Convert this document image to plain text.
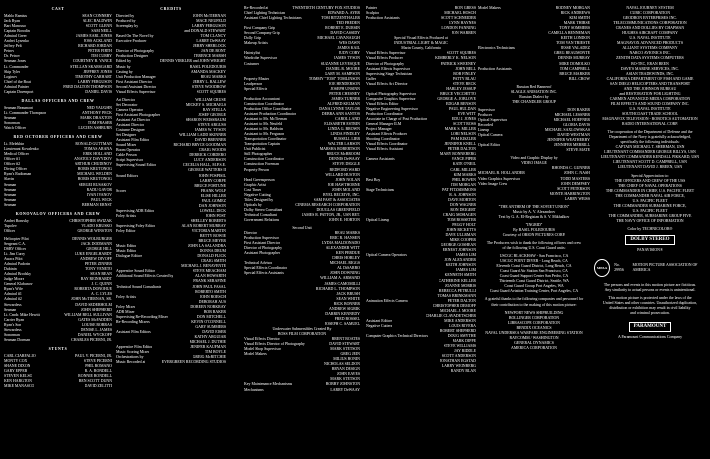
CAST
Mahlo Ramius	SEAN CONNERY
Jack Ryan	ALEC BALDWIN
Bart Mancuso	SCOTT GLENN
Captain Borodin	SAM NEILL
Admiral Greer	JAMES EARL JONES
Andrei Lysenko	JOSS ACKLAND
Jeffrey Pelt	RICHARD JORDAN
Petrov	PETER FIRTH
Dr. Petrov	TIM CURRY
Seaman Jones	COURTNEY B. VANCE
Lt. Commander	STELLAN SKARSGARD
Skip Tyler	JEFFREY JONES
Loginov	TIMOTHY CARHART
Chief of the Boat	LARRY FERGUSON
Admiral Painter	FRED DALTON THOMPSON
Captain Davenport	DANIEL DAVIS
DALLAS OFFICERS AND CREW
Seaman Beaumont	NED VAUGHN
Lt. Commander Thompson	ANTHONY PECK
Seaman	MARK DRAXTON
Sonarman	TOM FRASER
Watch Officer	LUCIEN ASHBURN
RED OCTOBER OFFICERS AND CREW
Lt. Melekhin	RONALD GUTTMAN
Lieutenant Kovalenko	TOMAS ARANA
Medical Officer	ERIK HOLLAND
Officer #1	ANATOLY DAVYDOV
Officer #2	ARTHUR CHUDINOV
Diving Officer	BORIS KRUTONOG
Ryan's Radioman	MICHAEL WELDEN
Slavin	BORIS KRUTONOG
Seaman	SERGEI RUSAKOV
Seaman	RADU GAVOR
Seaman	IVAN IVANOV
Seaman	PAUL WICK
Seaman	BERMAN ERNST
KONOVALOV OFFICERS AND CREW
Andrei Bonrsky	CHRISTOPHER SWIZAK
Tupolev	VLADO KRUSKO
Officer	GEORGE WINSTON
Helicopter Pilot	DENNIS WOLBURGER
Sergeant C.A.	JACK DODMANN
DSRV Officer	GEORGE HILL
Lt. Jim Curry	LUKE ENGELHARDT
Awacs Pilot	ANDREW DIVOFF
Admiral Padorin	PETER ZINNER
Dubinin	TONY VENETO
Admiral Brodsky	SEAN BEAN
Judge Moore	RAY REINHARDT
General Klabunov	J. C. QUINN
Ryan's Wife	ROBERTA DONOHUE
Admiral #1	A. C. LYLES
Admiral #2	JOHN McTIERNAN, SR.
Stewardess	DAVID SEDERHOLM
Seaman	JOHN SHEPHERD
Lt. Cmdr. Mike Hewitt	WILLIAM BELL SULLIVAN
Carrier Ryan	GATES McFADDEN
Ryan's Son	LOUISE BORRAS
Stewardess	DENISE L. JAMES
Sonarman	DANIEL WYCKOFF
Seaman Dorman	CHARLES PICERNI, JR.
STUNTS
CARL CIARFALIO	PAUL V. PICERNI, JR.
MONTY COX	STEVE PICERNI
SHANE DIXON	PHIL ROMANO
GARY EPPER	R. A. RONDELL
STEVEN KELSO	RONNIE RONDELL
KEN HARGTON	BEN SCOTT DUNN
MIKE MANASCO	DAVID ZELITTI
CREDITS
Directed by	JOHN McTIERNAN
Produced by	MACE NEUFELD
Screenplay by	LARRY FERGUSON
and DONALD STEWART
Based On The Novel by	TOM CLANCY
Executive Producer	LARRY DeWAAY
JERRY SHERLOCK
Director of Photography	JAN DE BONT
Production Designer	TERENCE MARSH
Edited by	DENNIS VIRKLER and JOHN WRIGHT
Music by	BASIL POLEDOURIS
Casting by	AMANDA MACKEY
Unit Production Manager	BEAU MARKS
First Assistant Director	JERRY L. BALLEW
Second Assistant Director	STEVE WOODROW
Visual Effects Supervisor	SCOTT SQUIRES
Art Director	WILLIAM CRUSE
Set Decorator	MICKEY S. MICHAELS
Camera Operator	RAY STELLA
First Assistant Photographer	JOSEF GEORGE
Assistant Art Director	SHARON WEISSBAUM
Assistant Director	STEVE ARGUSS
Costume Designer	JAMES W. TYSON
Set Designer	WILLIAM LADD SKINNER
Assistant Film Editor	DAVID BRENNER
Sound Mixer	RICHARD BRYCE GOODMAN
Boom Operator	CRAIG WOODS
Cable Person	DERRICK CORDERO
Script Supervisor	LUCY ANDERSON
Supervising Sound Editor	CECELIA HALL, M.P.S.E.
GEORGE WATTERS II
Sound Editors	JOHN POSPISIL
LARRY CORPE
BRUCE FORTUNE
Scorer	FRANK WOLF
ELISE HILLER
PAUL GOMEZ
DAN JOHNSON
Supervising ADR Editor	LOWELL DICK
Foley Artists	JOHN POST
SHELLEY ROBERTS
Supervising Foley Editor	ALAN ROBERT MURRAY
Foley Editor	VICTORIA MARTIN
BETTY BOWIE
BRUCE MEYER
Music Editor	JOHN LA SALANDRA
Music Editor	DONNA DRUM
Dialogue Editors	DONALD FLICK
CRAIG SMITH
MICHAEL J. BENAVENTE
Apprentice Sound Editor	STEVE MEACHAM
Additional Sound Effects Created by	ALAN HOWARTH
FRANK SERAFINE
Technical Sound Consultants	JOHN PAUL FASAL
ROBERTO SMITH
Foley Artists	JOHN ROESCH
DEBORAH AUS
Foley Mixer	DOREEN NORKRAY
ADR Mixer	BOB BAKER
Supervising Re-Recording Mixer	DON MITCHELL
Re-Recording Mixers	KEVIN O'CONNELL
GARY SUMMERS
Assistant Film Editors	DAVID EISER
KATHY ARGUIAR
MICHAEL J. DUTHIE
Apprentice Film Editor	JENIFER KAUFMAN
Music Scoring Mixer	TIM BOYLE
Orchestrations by	GREIG McRITCHIE
Music Recorded at	EVERGREEN RECORDING STUDIOS
Re-Recorded at	TWENTIETH CENTURY FOX STUDIOS
Chief Lighting Technician	EDWARD A. AYER
Assistant Chief Lighting Technicians	TOM RITZENTHALER
TED FREDEN
First Company Grip	ROBERT E. DURSIN
Second Company Grip	DAVID CASSIDY
Dolly Grip	MICHAEL CAVANAUGH
Makeup Artists	WES DAWN
JAMES KAIL
Hairstylist	JUDY CORY
Wardrobe Supervisor	JAMES TYSON
Costumer	SUZANNE LEVESQUE
DANIEL R. MOORE
GARY M. SAMPSON
Property Master	TOMMY "TOM" TOMLINSON
Leadperson	JOE HENDERSON
Special Effects	JOSEPH UNSINN
PETER CHESNEY
Production Accountant	JAMES TURNER
Construction Coordinator	ALFRED KELMAN
Production Office Coordinator	DANA LYNNE TAYLOR
Assistant Production Coordinator	DEBRA ANN SANTOS
Assistant to Mr. McTiernan	CAROL LAND
Assistant to Mr. Neufeld	ELISABETH ESTRIN
Assistant to Mr. Baldwin	LINDA G. BROWN
Assistant to Mr. Ferguson	LINDA FINDLEY
Transportation Coordinator	RUSSELL LIEB
Transportation Captain	WALTER LARSON
Unit Publicist	MARSHA ROBERTSON
Still Photographer	BRUCE McBROOM
Construction Coordinator	DENNIS DeWAAY
Construction Foreman	STEVE DIGGLE
Property Person	BEDFORD WARD
WILLARD HUSTON
Head Greensperson	JOHN NOLAN
Graphic Artist	JOE HAWTHORNE
Cost Timer	JOHN MOLAND
Negative Cutting	BYEL RECEIVE, INC.
Titles Designed by	SAM FAST & ASSOCIATES
Opticals by	CINEMA RESEARCH CORPORATION
Dolby Stereo Consultant	DOUGLAS GREENFIELD
Technical Consultant	JAMES R. PATTON, JR., USN RET.
Government Relations	JOHN E. HORTON
Second Unit
Director	BEAU MARKS
Production Supervisor	ERIC R. HANSEN
First Assistant Director	LYDIA MALDONADO
Director of Photography	ALEXANDER WITT
Assistant Photographer	KEN PERDUE
CHRIS HORLEY
Technical Advisor	MICHAEL RIGGS
Special Effects Coordinator	AL DiSARRO
Special Effects Assistants	JOHN DOWNING
WILLIAM A. ARMAND
JAMES CAMOMILLI
RICHARD L. THOMPSON
JACK BRUSH
SEAN WHITE
RICK BONNER
ANDREW SIGRIK
DARRIN KENNEDY
FRED BOSSEL
JOSEPH C. SAMUEL
Underwater Submersibles Created By
BOSS FILM CORPORATION
Visual Effects Director	BRENT BOATES
Visual Effects Director of Photography	DAVID STEWART
Model Shop Supervisor	MARK STETSON
Model Makers	GREG JEIN
MILIUS BONIN
NICHOLAS SELDON
BRYAN DESIGN
JOHN EAVES
MARK STETSON
Key Maintenance Mechanisms	BOBBY JOHNSTON
Mechanisms	LARRY DeWAAY
Painter	RON GRESS
Sculptor	MICHAEL HOSCH
Production Assistants	SCOTT SCHNEIDER
LYNN HAYNES
LONDON FANNING
JON WARREN
Special Visual Effects Produced at
INDUSTRIAL LIGHT & MAGIC
Marin County, California
Visual Effects Supervisor	SCOTT SQUIRES
Visual Effects Producer	KIMBERLY K. NELSON
Director of Photography	PATRICK SWEENEY
Assistant Effects Supervisor	JOHN BELL
Supervising Stage Technician	BOB FINLEY
Gaffer	PATTY BLAU
Visual Effects Art Director	STEVE BECK
HARLEY JESSUP
Optical Photography Supervisor	BRUCE VECCHITTO
Composite Graphics Supervisor	GEORGE A. JOBLOVE
Visual Effects Editor	EDGAR BENSON
Negative Engineering Supervisor	PAUL HULDAN
Production Coordinator	EVE WITT
Associate in Charge of Post Production	EDU J. JONES
General Manager ILM	SCOTT ROSS
Project Manager	MARK S. MILLER
Assistant Effects Producer	LORI NELSON
Shooting Coordinator	PAM KISZLER
Visual Effects Coordinator	JENNIFER KNELL
Visual Effects Assistant	PETER DALTON
MARY BONNEBERG
Camera Assistants	VANCE PIPER
KATE O'NEIL
CARL MILLER
KIM MARKS
Best Boy	PHIL BOWEN
TIM MORGAN
Stage Technicians	PAT FITZSIMMONS
R. A. JOHNSON
DAVE MORTON
DON WAGNER
RON DEIGERT
CRAIG MOHAGEN
Optical Lineup	TOM ROSSETER
PEGGY HOLT
JOHN RICKETTS
DAVE ULLRMAN
MIKE COOPER
GEORGE GOSHEAN
ERNEST JOHNSON
Optical Camera Operators	JAMES LIM
JON ALEXANDER
KEITH JOHNSON
JAMES LIM
KENNETH SMITH
CATHERINE KELLER
JOANNE MORRIS
REBECCA PETRULLI
TOMAS BRINKMANN
Animation Effects Camera	PETER DALTON
CHRISTOPHER DEMOFF
MICHAEL J. MOORE
CHARLIE CLAVADETSCHER
Assistant Editors	MIKE ANDERSON
Negative Cutters	LOUIS RIVERA
ROBERT SHEPHERD
Computer Graphics Technical Directors	DOUG SMYTHE
MARK DIPPE
STEVE WILLIAMS
JAY RIDDLE
SCOTT ANDERSON
JONATHAN EGSTAD
LARRY WEINBERG
RANDY BLAN
Model Makers	RODNEY MORGAN
RICK ANDREWS
KIM SMITH
MARK THIRSE
TONY SOMMERS
CAMELLA RENNEMAN
KEITH LONDON
TOM VAN TRIESTE
Electronics Technicians	JESSE VALADEZ
GREG BEAUMONTE
DENNIS MURRAY
MIKE DOMOLKO
Production Assistants	TOM CAMPBELL
BRUCE MARKER
BILL CROW
Russian Red Bannerof
SLAGLE ANIMATION INC.
Russian Dialect by
THE CHANDLER GROUP
Supervisor	DON BAKER
Producer	MICHAEL LESSNER
Optical Supervisor	MICHAEL HOEFNER
Recorded	GLORIA DAVIS
Lineup	MICHAEL SAXLOWSKAS
Optical Camera	DAVID WESTMAN
JENNIFER WEATHERBY
Optical Editor	JENNIFER MERRILL
STEVE MATE
Video and Graphic Display by
VIDEO IMAGE
RHONDA C. GUNNER
MICHAEL B. HOLLANDER	JOHN C. NASH
Video Graphics Supervisor	TODD MASTERS
Video Image Crew	JOHN DEMPSEY
SCOTT PETERSON
MONTE HARRINGTON
LARRY WEISS
"THE ANTHEM OF THE SOVIET UNION"
Music by A. V. Alexandrov
Text by G. A. El-Registan & S. V. Mikhalkov
"INGRID"
By BASIL POLEDOURIS
Courtesy of ORION PICTURES CORP.
The Producers wish to thank the following officers and crew
of the following U.S. Coast Guard units:
USCGC BLACKHAW - San Francisco, CA
USCGC POINT DIVER - Long Beach, CA
Eleventh Coast Guard District, Long Beach, CA
Coast Guard Air Station San Francisco, CA
Coast Guard Support Center San Pedro, CA
Thirteenth Coast Guard District, Seattle, WA
Coast Guard Group Port Angeles, WA
Coast Guard Aviation Training Center, Port Angeles, CA
A grateful thanks to the following companies and personnel for
their contribution to the making of this motion picture:
NEWPORT NEWS SHIPBUILDING
BOLLINGER CORPORATION
LIBRASCOPE CORPORATION
BENDIX OCEANICS
NAVAL UNDERSEA WARFARE ENGINEERING STATION
RAYCOMM / WASHINGTON
GENERAL DYNAMICS
AMERICA CORPORATION
NAVAL JOURNEY SYSTEM
CUBIC CORPORATION
GEODRON ENTERPRISES INC.
TELECOMMUNICATIONS CORPORATION
CRANES AND DOLLIES BY CHAPMAN
HUGHES AIRCRAFT COMPANY
U.S. NAVAL INSTITUTE
MAGNAVOX ADVANCED PRODUCTS
ALLIANT SYSTEMS COMPANY
NARCO AVIONICS INC.
ZENITH DATA SYSTEMS COMPUTERS
BO-TEC, ERAN BEEN
DAVE'S MARINE SERVICES, INC.
ASIAN TRADEWINDS, INC.
CALIFORNIA DEPARTMENT OF FISH AND GAME
SAN DIEGO HELICOPTERS AND TRANSPORT
AND THE JOHNSON BUREAU
and RESTORATION FOR LIGHTING
CARMEN ADVANCED MEDIA CORPORATION
FILM EFFECTS AND SOUND COMPANY INC.
U.S. NAVAL INSTITUTE
SOUTHCOAST TRADE SCHOOL
MAGNAVOX TELEVISION - ROBOTICS AUTOMATION
RADIO INTERNATIONAL CORP.
The cooperation of the Department of Defense and the
Department of the Navy is gratefully acknowledged,
specifically the following individuals:
CAPTAIN MICHAEL T. SHERMAN, USN
LIEUTENANT COMMANDER GEORGE BILLYS, USN
LIEUTENANT COMMANDER KENDALL PIKKARD, USN
LIEUTENANT SCOTT D. CAMPBELL, USN
LIEUTENANT DAVID J. BREEN, USN
Special Appreciation to:
THE OFFICERS AND CREW OF THE USS
THE CHIEF OF NAVAL OPERATIONS
THE COMMANDER IN CHIEF, U.S. PACIFIC FLEET
THE COMMANDER NAVAL AIR FORCE,
U.S. PACIFIC FLEET
THE COMMANDER SUBMARINE FORCE,
U.S. PACIFIC FLEET
THE COMMANDER, SUBMARINE GROUP FIVE
THE NAVY OFFICE OF INFORMATION
Color by TECHNICOLOR®
DOLBY STEREO
PANAVISION®
MPAA
No. 29956
MOTION PICTURE ASSOCIATION OF AMERICA
The persons and events in this motion picture are fictitious.
Any similarity to actual persons or events is unintentional.
This motion picture is protected under the laws of the
United States and other countries. Unauthorized duplication,
distribution or exhibition may result in civil liability
and criminal prosecution.
PARAMOUNT
A Paramount Communications Company
